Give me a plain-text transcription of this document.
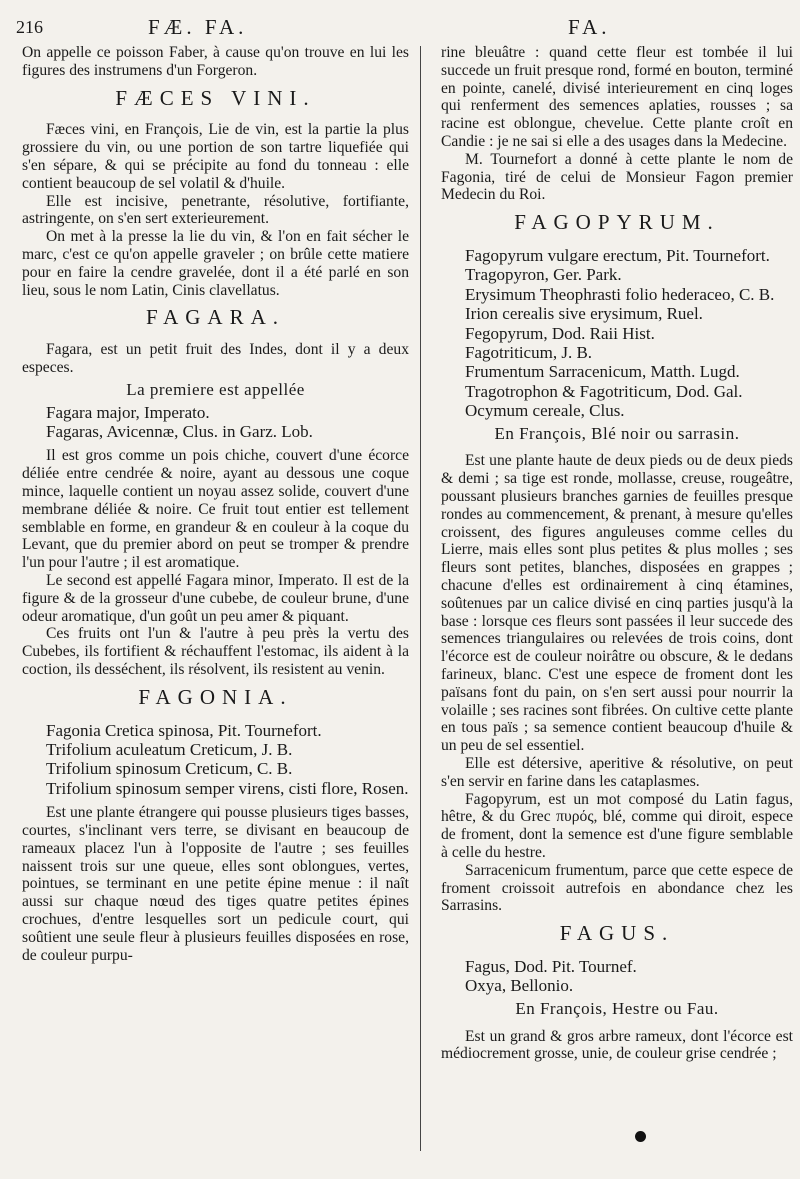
216	FÆ. FA.	FA.

On appelle ce poisson Faber, à cause qu'on trouve en lui les figures des instrumens d'un Forgeron.

FÆCES VINI.

Fæces vini, en François, Lie de vin, est la partie la plus grossiere du vin, ou une portion de son tartre liquefiée qui s'en sépare, & qui se précipite au fond du tonneau : elle contient beaucoup de sel volatil & d'huile.

Elle est incisive, penetrante, résolutive, fortifiante, astringente, on s'en sert exterieurement.

On met à la presse la lie du vin, & l'on en fait sécher le marc, c'est ce qu'on appelle graveler ; on brûle cette matiere pour en faire la cendre gravelée, dont il a été parlé en son lieu, sous le nom Latin, Cinis clavellatus.

FAGARA.

Fagara, est un petit fruit des Indes, dont il y a deux especes.

La premiere est appellée
Fagara major, Imperato.
Fagaras, Avicennæ, Clus. in Garz. Lob.

Il est gros comme un pois chiche, couvert d'une écorce déliée entre cendrée & noire, ayant au dessous une coque mince, laquelle contient un noyau assez solide, couvert d'une membrane déliée & noire. Ce fruit tout entier est tellement semblable en forme, en grandeur & en couleur à la coque du Levant, que du premier abord on peut se tromper & prendre l'un pour l'autre ; il est aromatique.

Le second est appellé Fagara minor, Imperato. Il est de la figure & de la grosseur d'une cubebe, de couleur brune, d'une odeur aromatique, d'un goût un peu amer & piquant.

Ces fruits ont l'un & l'autre à peu près la vertu des Cubebes, ils fortifient & réchauffent l'estomac, ils aident à la coction, ils desséchent, ils résolvent, ils resistent au venin.

FAGONIA.
Fagonia Cretica spinosa, Pit. Tournefort.
Trifolium aculeatum Creticum, J. B.
Trifolium spinosum Creticum, C. B.
Trifolium spinosum semper virens, cisti flore, Rosen.

Est une plante étrangere qui pousse plusieurs tiges basses, courtes, s'inclinant vers terre, se divisant en beaucoup de rameaux placez l'un à l'opposite de l'autre ; ses feuilles naissent trois sur une queue, elles sont oblongues, vertes, pointues, se terminant en une petite épine menue : il naît aussi sur chaque nœud des tiges quatre petites épines crochues, d'entre lesquelles sort un pedicule court, qui soûtient une seule fleur à plusieurs feuilles disposées en rose, de couleur purpu-

rine bleuâtre : quand cette fleur est tombée il lui succede un fruit presque rond, formé en bouton, terminé en pointe, canelé, divisé interieurement en cinq loges qui renferment des semences aplaties, rousses ; sa racine est oblongue, chevelue. Cette plante croît en Candie : je ne sai si elle a des usages dans la Medecine.

M. Tournefort a donné à cette plante le nom de Fagonia, tiré de celui de Monsieur Fagon premier Medecin du Roi.

FAGOPYRUM.
Fagopyrum vulgare erectum, Pit. Tournefort.
Tragopyron, Ger. Park.
Erysimum Theophrasti folio hederaceo, C. B.
Irion cerealis sive erysimum, Ruel.
Fegopyrum, Dod. Raii Hist.
Fagotriticum, J. B.
Frumentum Sarracenicum, Matth. Lugd.
Tragotrophon & Fagotriticum, Dod. Gal.
Ocymum cereale, Clus.
En François, Blé noir ou sarrasin.

Est une plante haute de deux pieds ou de deux pieds & demi ; sa tige est ronde, mollasse, creuse, rougeâtre, poussant plusieurs branches garnies de feuilles presque rondes au commencement, & prenant, à mesure qu'elles croissent, des figures anguleuses comme celles du Lierre, mais elles sont plus petites & plus molles ; ses fleurs sont petites, blanches, disposées en grappes ; chacune d'elles est ordinairement à cinq étamines, soûtenues par un calice divisé en cinq parties jusqu'à la base : lorsque ces fleurs sont passées il leur succede des semences triangulaires ou relevées de trois coins, dont l'écorce est de couleur noirâtre ou obscure, & le dedans farineux, blanc. C'est une espece de froment dont les païsans font du pain, on s'en sert aussi pour nourrir la volaille ; ses racines sont fibrées. On cultive cette plante en tous païs ; sa semence contient beaucoup d'huile & un peu de sel essentiel.

Elle est détersive, aperitive & résolutive, on peut s'en servir en farine dans les cataplasmes.

Fagopyrum, est un mot composé du Latin fagus, hêtre, & du Grec πυρός, blé, comme qui diroit, espece de froment, dont la semence est d'une figure semblable à celle du hestre.

Sarracenicum frumentum, parce que cette espece de froment croissoit autrefois en abondance chez les Sarrasins.

FAGUS.
Fagus, Dod. Pit. Tournef.
Oxya, Bellonio.
En François, Hestre ou Fau.

Est un grand & gros arbre rameux, dont l'écorce est médiocrement grosse, unie, de couleur grise cendrée ;
